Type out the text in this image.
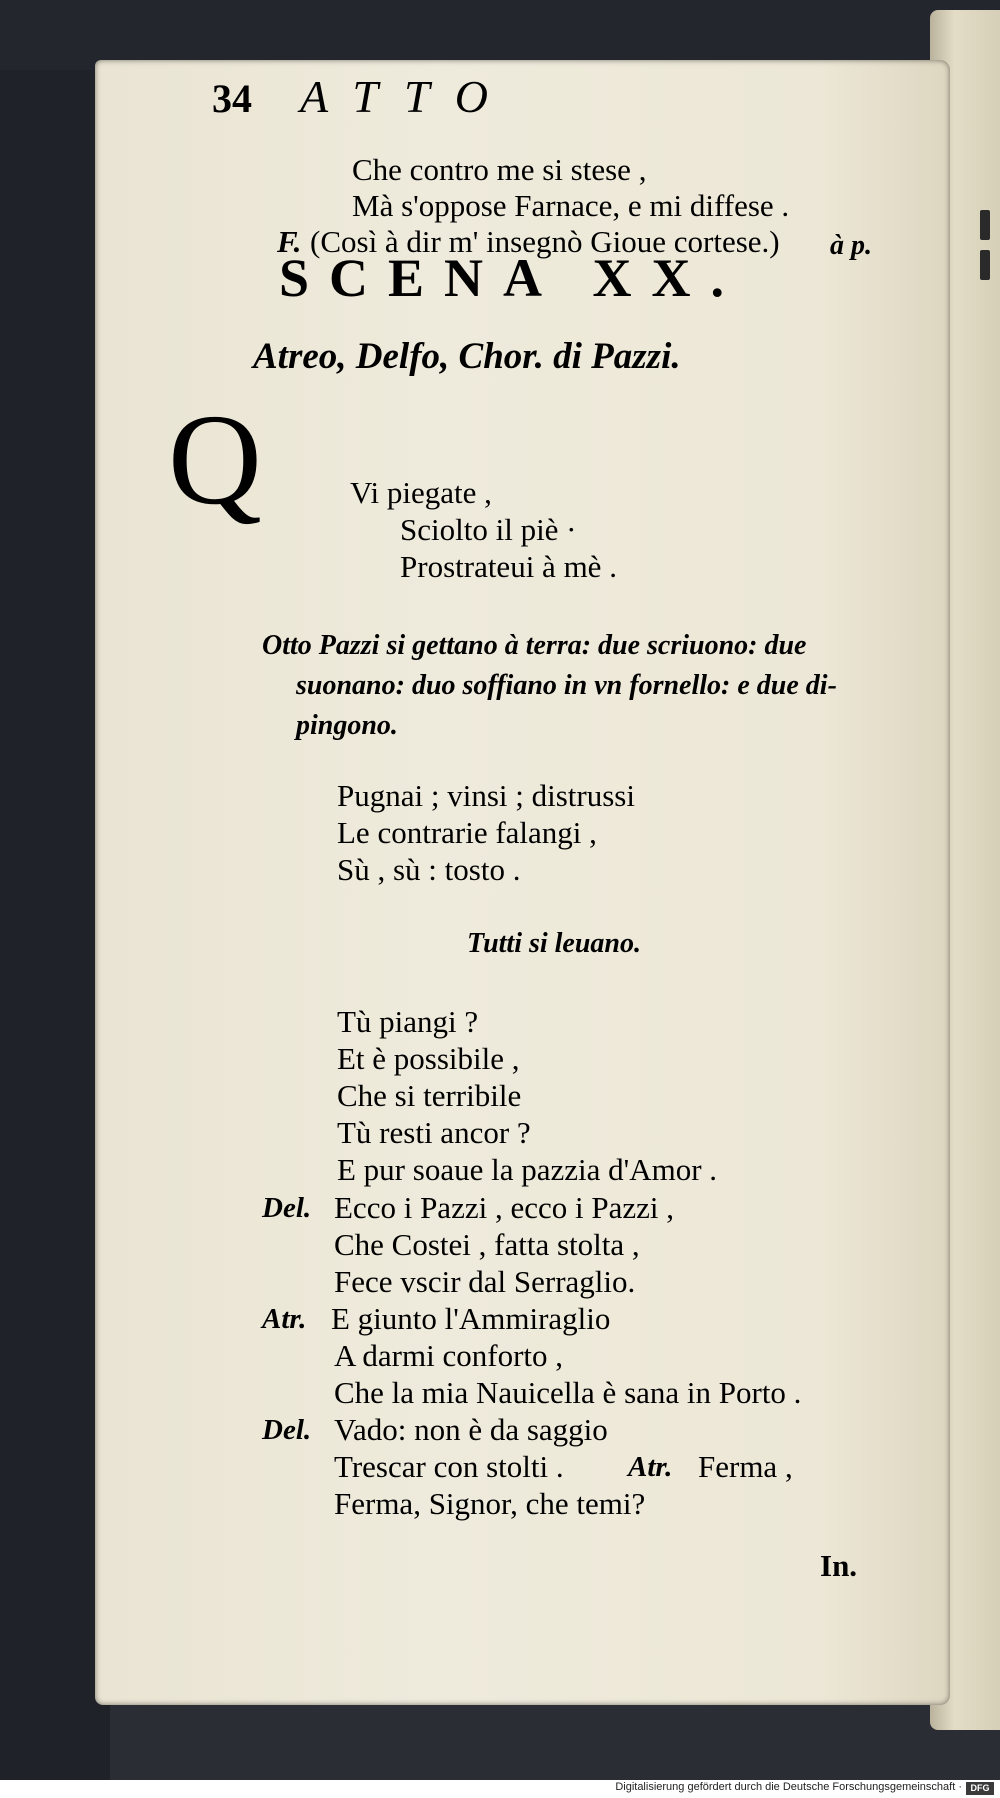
34 ATTO
Che contro me si stese ,
Mà s'oppose Farnace, e mi diffese .
F. (Così à dir m' insegnò Gioue cortese.) à p.
SCENA XX.
Atreo, Delfo, Chor. di Pazzi.
Q	Vi piegate ,
Sciolto il piè ·
Prostrateui à mè .
Otto Pazzi si gettano à terra: due scriuono: due
suonano: duo soffiano in vn fornello: e due di-
pingono.
Pugnai ; vinsi ; distrussi
Le contrarie falangi ,
Sù , sù : tosto .
Tutti si leuano.
Tù piangi ?
Et è possibile ,
Che si terribile
Tù resti ancor ?
E pur soaue la pazzia d'Amor .
Del. Ecco i Pazzi , ecco i Pazzi ,
Che Costei , fatta stolta ,
Fece vscir dal Serraglio.
Atr. E giunto l'Ammiraglio
A darmi conforto ,
Che la mia Nauicella è sana in Porto .
Del. Vado: non è da saggio
Trescar con stolti . Atr. Ferma ,
Ferma, Signor, che temi?
In.
Digitalisierung gefördert durch die Deutsche Forschungsgemeinschaft · DFG
